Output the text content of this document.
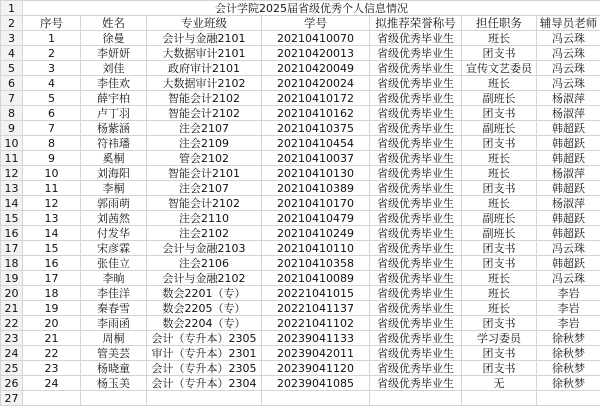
1	会计学院2025届省级优秀个人信息情况						
2	序号	姓名	专业班级	学号	拟推荐荣誉称号	担任职务	辅导员老师
3	1	徐曼	会计与金融2101	20210410070	省级优秀毕业生	班长	冯云珠
4	2	李妍妍	大数据审计2101	20210420013	省级优秀毕业生	团支书	冯云珠
5	3	刘佳	政府审计2101	20210420049	省级优秀毕业生	宣传文艺委员	冯云珠
6	4	李佳欢	大数据审计2102	20210420024	省级优秀毕业生	班长	冯云珠
7	5	薛宇柏	智能会计2102	20210410172	省级优秀毕业生	副班长	杨淑萍
8	6	卢丁羽	智能会计2102	20210410162	省级优秀毕业生	团支书	杨淑萍
9	7	杨紫涵	注会2107	20210410375	省级优秀毕业生	副班长	韩超跃
10	8	符祎璠	注会2109	20210410454	省级优秀毕业生	团支书	韩超跃
11	9	奚桐	管会2102	20210410037	省级优秀毕业生	班长	韩超跃
12	10	刘海阳	智能会计2101	20210410130	省级优秀毕业生	班长	杨淑萍
13	11	李桐	注会2107	20210410389	省级优秀毕业生	团支书	韩超跃
14	12	郭雨萌	智能会计2102	20210410170	省级优秀毕业生	班长	杨淑萍
15	13	刘茜然	注会2110	20210410479	省级优秀毕业生	副班长	韩超跃
16	14	付发华	注会2102	20210410249	省级优秀毕业生	副班长	韩超跃
17	15	宋彦霖	会计与金融2103	20210410110	省级优秀毕业生	团支书	冯云珠
18	16	张佳立	注会2106	20210410358	省级优秀毕业生	团支书	韩超跃
19	17	李晌	会计与金融2102	20210410089	省级优秀毕业生	班长	冯云珠
20	18	李佳洋	数会2201（专）	20221041015	省级优秀毕业生	班长	李岩
21	19	秦春雪	数会2205（专）	20221041137	省级优秀毕业生	班长	李岩
22	20	李雨函	数会2204（专）	20221041102	省级优秀毕业生	团支书	李岩
23	21	周桐	会计（专升本）2305	20239041133	省级优秀毕业生	学习委员	徐秋梦
24	22	管美芸	审计（专升本）2301	20239042011	省级优秀毕业生	团支书	徐秋梦
25	23	杨晓童	会计（专升本）2305	20239041120	省级优秀毕业生	团支书	徐秋梦
26	24	杨玉美	会计（专升本）2304	20239041085	省级优秀毕业生	无	徐秋梦
27							
